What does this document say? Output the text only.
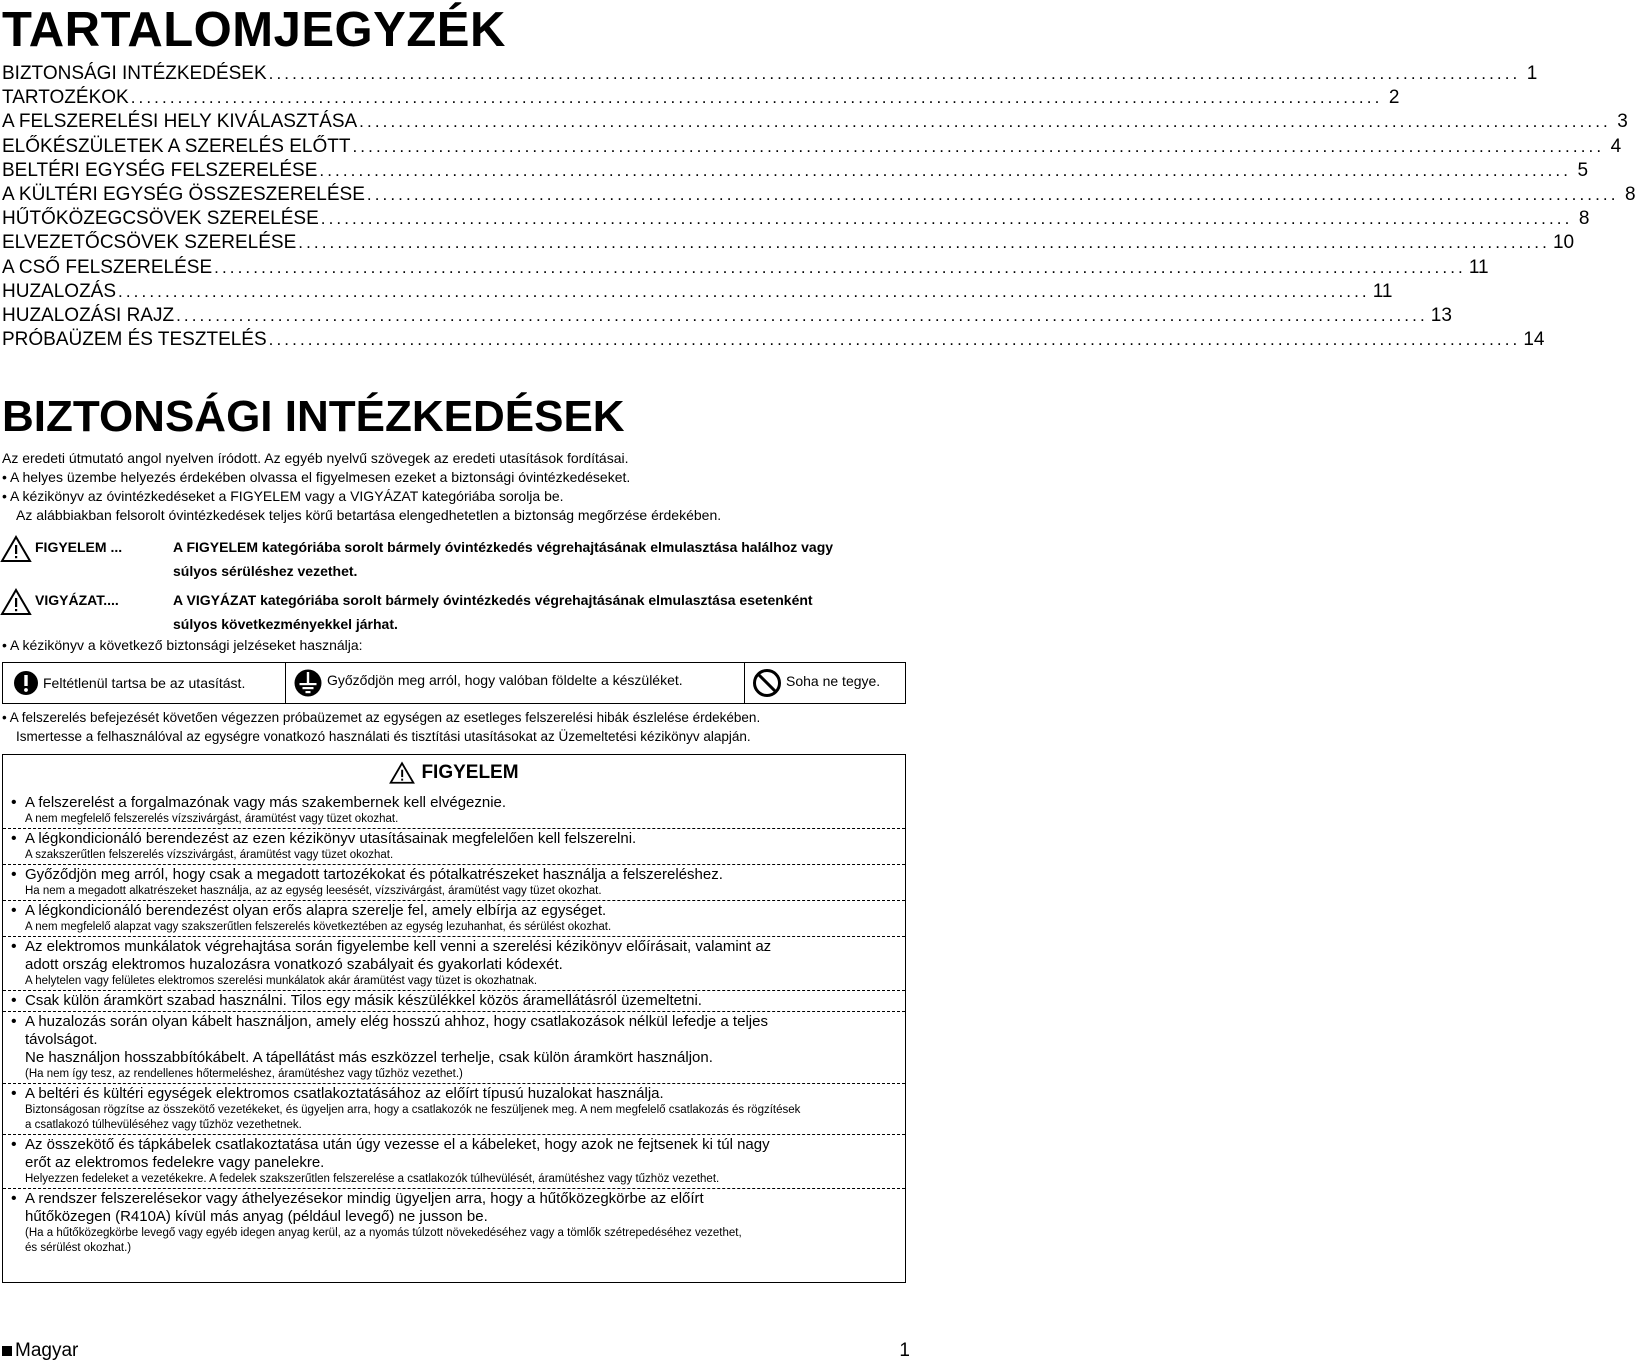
TARTALOMJEGYZÉK
BIZTONSÁGI INTÉZKEDÉSEK ................................................................................................................................................................ 1
TARTOZÉKOK ................................................................................................................................................................ 2
A FELSZERELÉSI HELY KIVÁLASZTÁSA ................................................................................................................................................................ 3
ELŐKÉSZÜLETEK A SZERELÉS ELŐTT ................................................................................................................................................................ 4
BELTÉRI EGYSÉG FELSZERELÉSE ................................................................................................................................................................ 5
A KÜLTÉRI EGYSÉG ÖSSZESZERELÉSE ................................................................................................................................................................ 8
HŰTŐKÖZEGCSÖVEK SZERELÉSE ................................................................................................................................................................ 8
ELVEZETŐCSÖVEK SZERELÉSE ................................................................................................................................................................ 10
A CSŐ FELSZERELÉSE ................................................................................................................................................................ 11
HUZALOZÁS ................................................................................................................................................................ 11
HUZALOZÁSI RAJZ ................................................................................................................................................................ 13
PRÓBAÜZEM ÉS TESZTELÉS ................................................................................................................................................................ 14
BIZTONSÁGI INTÉZKEDÉSEK

Az eredeti útmutató angol nyelven íródott. Az egyéb nyelvű szövegek az eredeti utasítások fordításai.

• A helyes üzembe helyezés érdekében olvassa el figyelmesen ezeket a biztonsági óvintézkedéseket.

• A kézikönyv az óvintézkedéseket a FIGYELEM vagy a VIGYÁZAT kategóriába sorolja be.

Az alábbiakban felsorolt óvintézkedések teljes körű betartása elengedhetetlen a biztonság megőrzése érdekében.

FIGYELEM ...	A FIGYELEM kategóriába sorolt bármely óvintézkedés végrehajtásának elmulasztása halálhoz vagy
súlyos sérüléshez vezethet.
VIGYÁZAT....	A VIGYÁZAT kategóriába sorolt bármely óvintézkedés végrehajtásának elmulasztása esetenként
súlyos következményekkel járhat.
• A kézikönyv a következő biztonsági jelzéseket használja:
Feltétlenül tartsa be az utasítást.	Győződjön meg arról, hogy valóban földelte a készüléket.	Soha ne tegye.

• A felszerelés befejezését követően végezzen próbaüzemet az egységen az esetleges felszerelési hibák észlelése érdekében.

Ismertesse a felhasználóval az egységre vonatkozó használati és tisztítási utasításokat az Üzemeltetési kézikönyv alapján.

FIGYELEM
• A felszerelést a forgalmazónak vagy más szakembernek kell elvégeznie.
A nem megfelelő felszerelés vízszivárgást, áramütést vagy tüzet okozhat.
• A légkondicionáló berendezést az ezen kézikönyv utasításainak megfelelően kell felszerelni.
A szakszerűtlen felszerelés vízszivárgást, áramütést vagy tüzet okozhat.
• Győződjön meg arról, hogy csak a megadott tartozékokat és pótalkatrészeket használja a felszereléshez.
Ha nem a megadott alkatrészeket használja, az az egység leesését, vízszivárgást, áramütést vagy tüzet okozhat.
• A légkondicionáló berendezést olyan erős alapra szerelje fel, amely elbírja az egységet.
A nem megfelelő alapzat vagy szakszerűtlen felszerelés következtében az egység lezuhanhat, és sérülést okozhat.
• Az elektromos munkálatok végrehajtása során figyelembe kell venni a szerelési kézikönyv előírásait, valamint az
adott ország elektromos huzalozásra vonatkozó szabályait és gyakorlati kódexét.
A helytelen vagy felületes elektromos szerelési munkálatok akár áramütést vagy tüzet is okozhatnak.
• Csak külön áramkört szabad használni. Tilos egy másik készülékkel közös áramellátásról üzemeltetni.
• A huzalozás során olyan kábelt használjon, amely elég hosszú ahhoz, hogy csatlakozások nélkül lefedje a teljes
távolságot.
Ne használjon hosszabbítókábelt. A tápellátást más eszközzel terhelje, csak külön áramkört használjon.
(Ha nem így tesz, az rendellenes hőtermeléshez, áramütéshez vagy tűzhöz vezethet.)
• A beltéri és kültéri egységek elektromos csatlakoztatásához az előírt típusú huzalokat használja.
Biztonságosan rögzítse az összekötő vezetékeket, és ügyeljen arra, hogy a csatlakozók ne feszüljenek meg. A nem megfelelő csatlakozás és rögzítések
a csatlakozó túlhevüléséhez vagy tűzhöz vezethetnek.
• Az összekötő és tápkábelek csatlakoztatása után úgy vezesse el a kábeleket, hogy azok ne fejtsenek ki túl nagy
erőt az elektromos fedelekre vagy panelekre.
Helyezzen fedeleket a vezetékekre. A fedelek szakszerűtlen felszerelése a csatlakozók túlhevülését, áramütéshez vagy tűzhöz vezethet.
• A rendszer felszerelésekor vagy áthelyezésekor mindig ügyeljen arra, hogy a hűtőközegkörbe az előírt
hűtőközegen (R410A) kívül más anyag (például levegő) ne jusson be.
(Ha a hűtőközegkörbe levegő vagy egyéb idegen anyag kerül, az a nyomás túlzott növekedéséhez vagy a tömlők szétrepedéséhez vezethet,
és sérülést okozhat.)
Magyar	1
